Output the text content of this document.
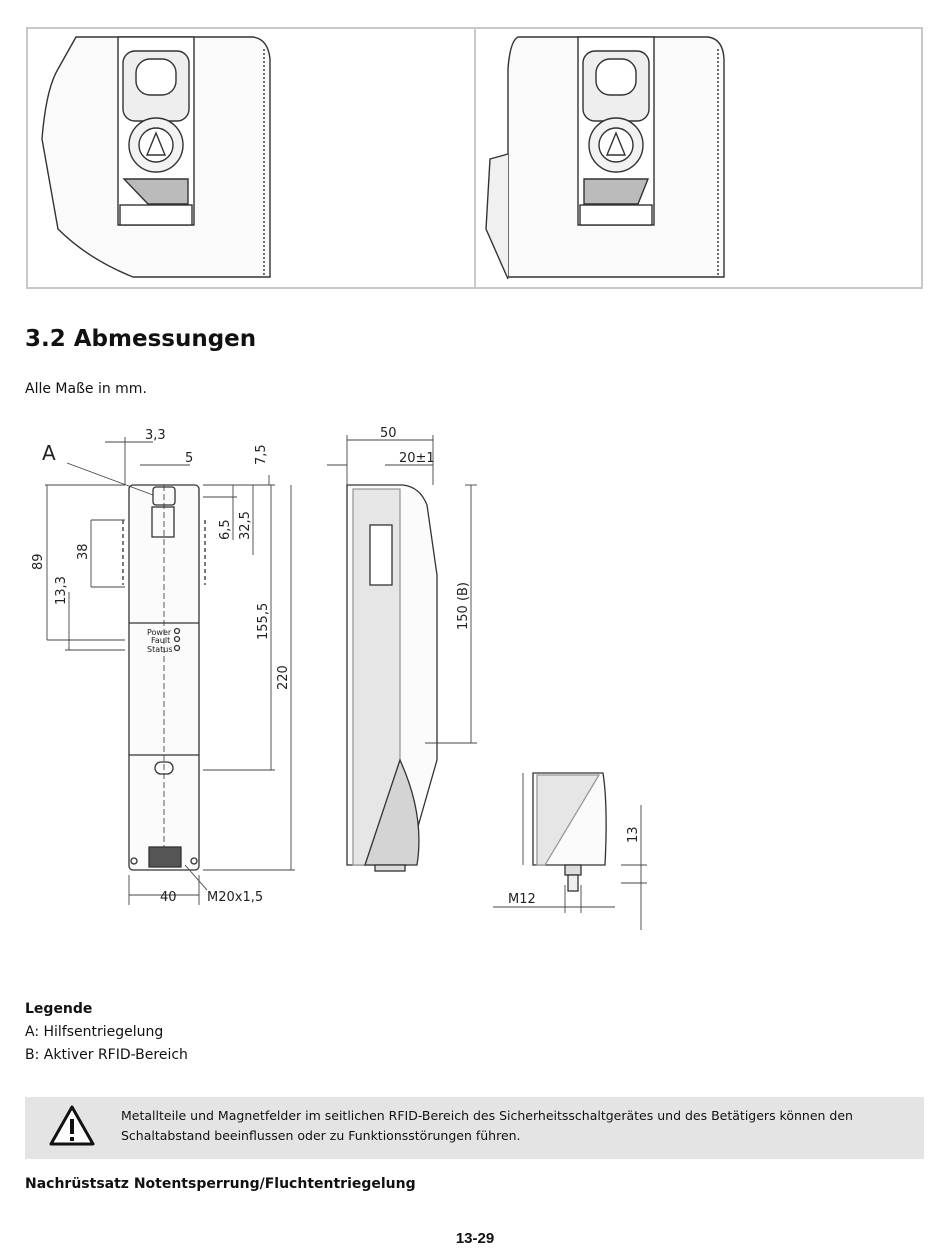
3.2 Abmessungen
Alle Maße in mm.
A
3,3
5	7,5
6,5 32,5
89
38
13,3
155,5
220
40 M20x1,5
Power
Fault
Status
50
20±1
150 (B)
13
M12
Legende
A: Hilfsentriegelung
B: Aktiver RFID-Bereich
Metallteile und Magnetfelder im seitlichen RFID-Bereich des Sicherheitsschaltgerätes und des Betätigers können den Schaltabstand beeinflussen oder zu Funktionsstörungen führen.
Nachrüstsatz Notentsperrung/Fluchtentriegelung
13-29
